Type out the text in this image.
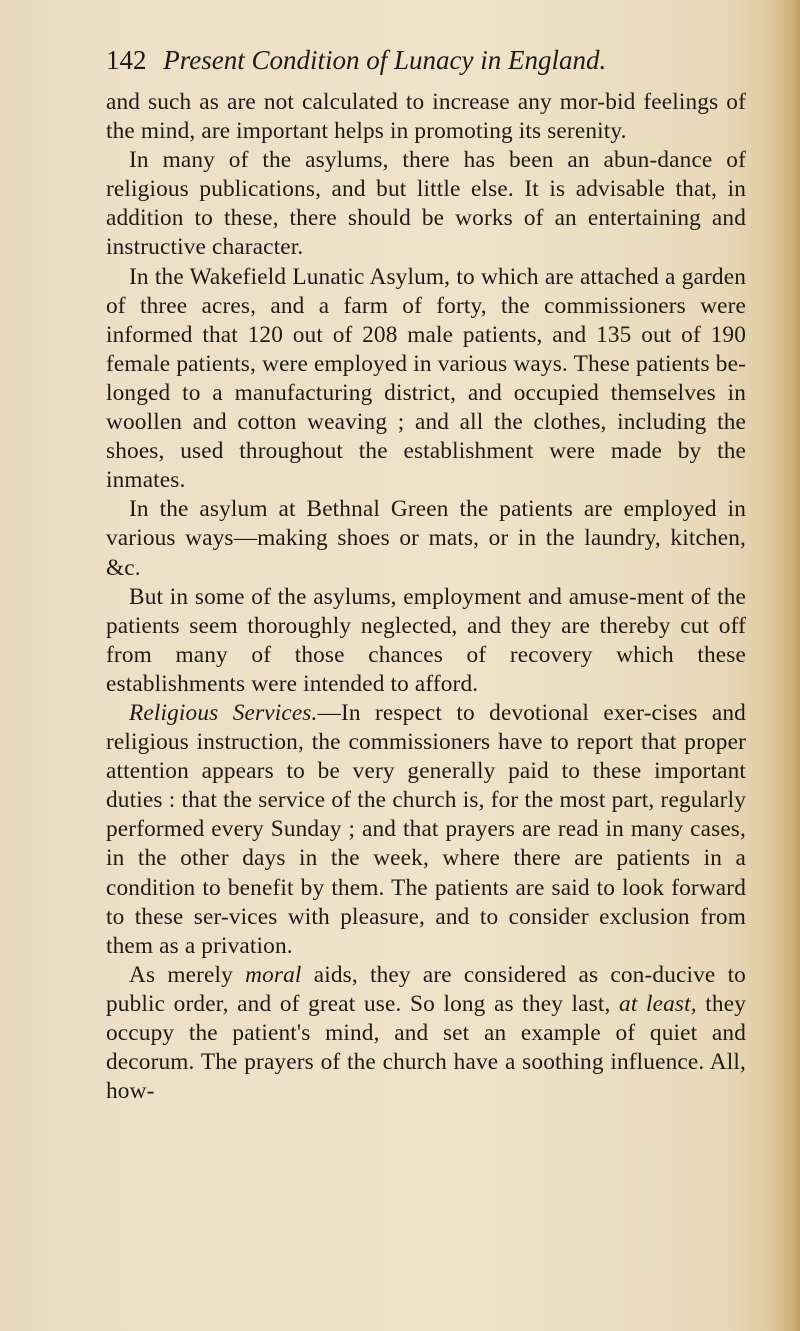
142 Present Condition of Lunacy in England.

and such as are not calculated to increase any mor-bid feelings of the mind, are important helps in promoting its serenity.

In many of the asylums, there has been an abun-dance of religious publications, and but little else. It is advisable that, in addition to these, there should be works of an entertaining and instructive character.

In the Wakefield Lunatic Asylum, to which are attached a garden of three acres, and a farm of forty, the commissioners were informed that 120 out of 208 male patients, and 135 out of 190 female patients, were employed in various ways. These patients be-longed to a manufacturing district, and occupied themselves in woollen and cotton weaving ; and all the clothes, including the shoes, used throughout the establishment were made by the inmates.

In the asylum at Bethnal Green the patients are employed in various ways—making shoes or mats, or in the laundry, kitchen, &c.

But in some of the asylums, employment and amuse-ment of the patients seem thoroughly neglected, and they are thereby cut off from many of those chances of recovery which these establishments were intended to afford.

Religious Services.—In respect to devotional exer-cises and religious instruction, the commissioners have to report that proper attention appears to be very generally paid to these important duties : that the service of the church is, for the most part, regularly performed every Sunday ; and that prayers are read in many cases, in the other days in the week, where there are patients in a condition to benefit by them. The patients are said to look forward to these ser-vices with pleasure, and to consider exclusion from them as a privation.

As merely moral aids, they are considered as con-ducive to public order, and of great use. So long as they last, at least, they occupy the patient's mind, and set an example of quiet and decorum. The prayers of the church have a soothing influence. All, how-
